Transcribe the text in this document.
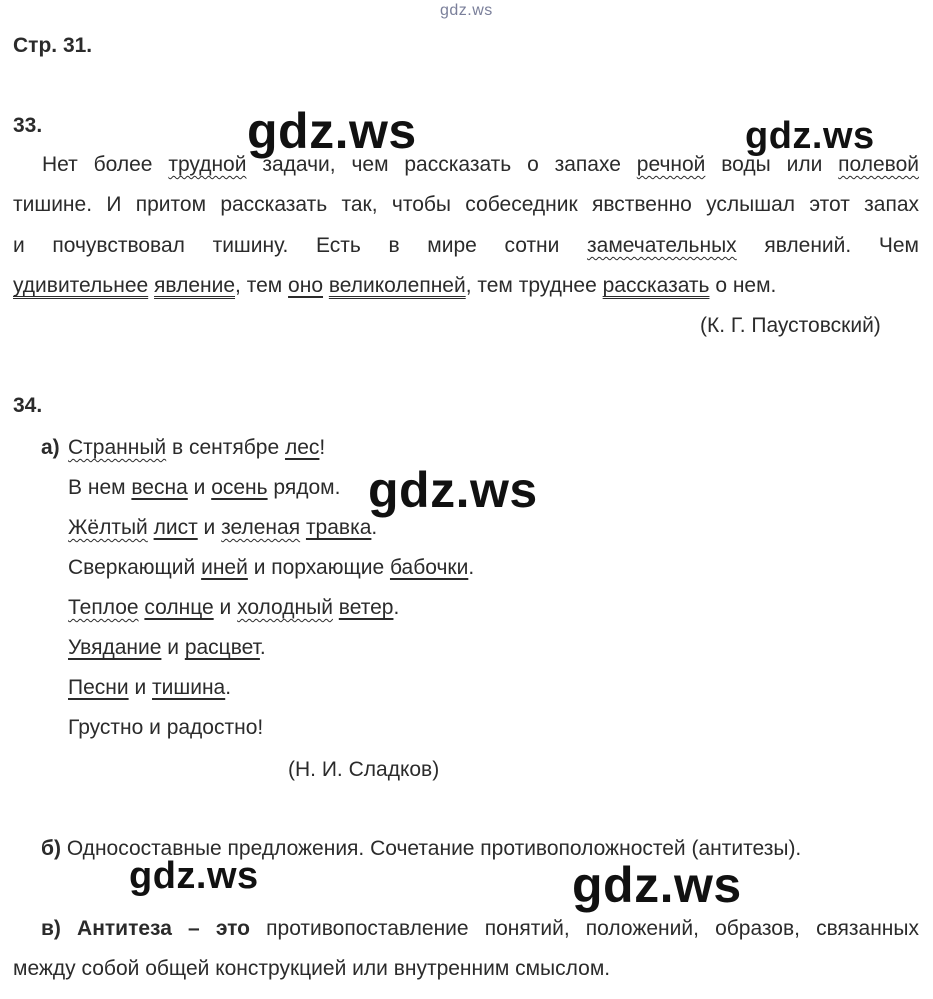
gdz.ws
gdz.ws	gdz.ws
gdz.ws
gdz.ws	gdz.ws
Стр. 31.
33.
Нет более трудной задачи, чем рассказать о запахе речной воды или полевой
тишине. И притом рассказать так, чтобы собеседник явственно услышал этот запах
и почувствовал тишину. Есть в мире сотни замечательных явлений. Чем
удивительнее явление, тем оно великолепней, тем труднее рассказать о нем.
(К. Г. Паустовский)
34.
а) Странный в сентябре лес!
В нем весна и осень рядом.
Жёлтый лист и зеленая травка.
Сверкающий иней и порхающие бабочки.
Теплое солнце и холодный ветер.
Увядание и расцвет.
Песни и тишина.
Грустно и радостно!
(Н. И. Сладков)
б) Односоставные предложения. Сочетание противоположностей (антитезы).
в) Антитеза – это противопоставление понятий, положений, образов, связанных
между собой общей конструкцией или внутренним смыслом.
